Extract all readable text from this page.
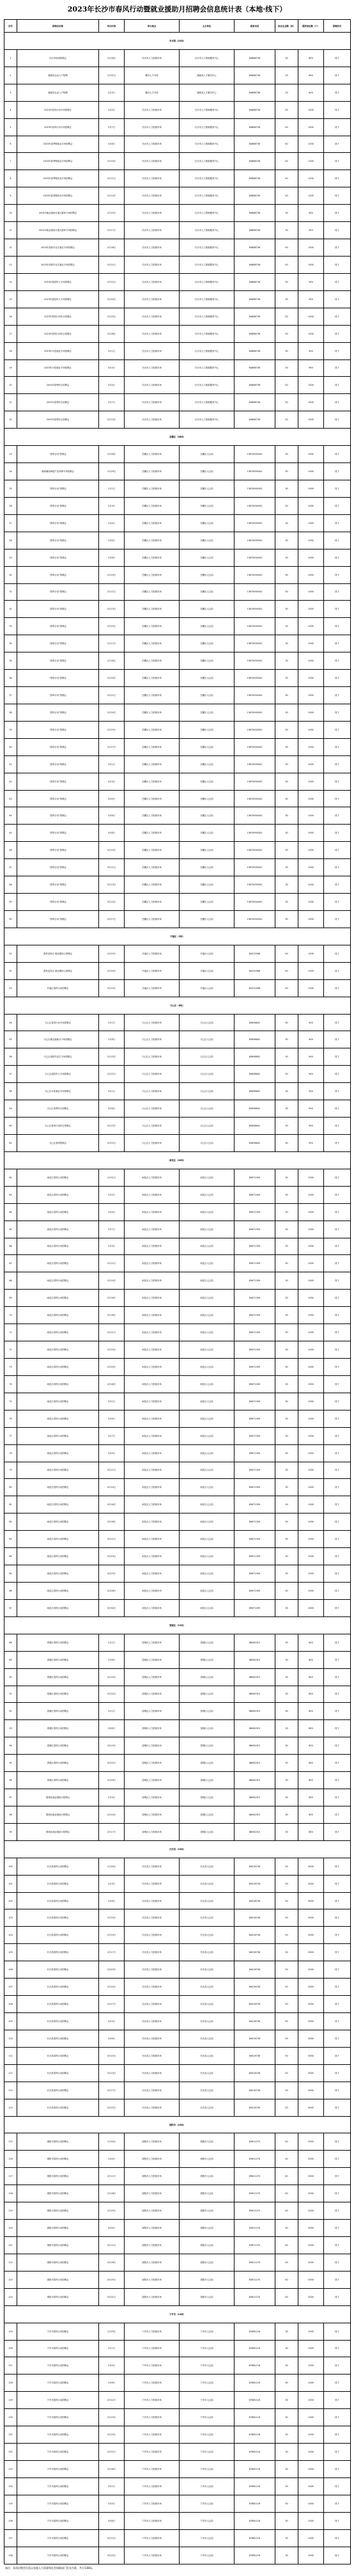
2023年长沙市春风行动暨就业援助月招聘会信息统计表（本地·线下）
序号	招聘会名称	举办时间	举办地点	主办单位	联系电话	参会企业数（家）	提供岗位数（个）	招聘形式
市本级（22场）								
1	长沙市现场招聘会	1月28日	长沙市人力资源市场	长沙市人力资源服务中心	84888736	30	800	线下
2	湖南省企业入户招聘	1月31日	麓谷人才市场	湖南省人才服务中心	84888736	20	600	线下
3	湖南省企业入户招聘	2月3日	麓谷人才市场	湖南省人才服务中心	84888736	20	600	线下
4	2023年春风行动专场招聘会	2月4日	长沙市人力资源市场	长沙市人力资源服务中心	84888736	50	1500	线下
5	2023年春风行动专场招聘会	2月7日	长沙市人力资源市场	长沙市人力资源服务中心	84888736	50	1500	线下
6	2023年春季制造业专场招聘会	2月8日	长沙市人力资源市场	长沙市人力资源服务中心	84888736	40	1200	线下
7	2023年春季制造业专场招聘会	2月10日	长沙市人力资源市场	长沙市人力资源服务中心	84888736	40	1200	线下
8	2023年春季服务业专场招聘会	2月11日	长沙市人力资源市场	长沙市人力资源服务中心	84888736	40	1200	线下
9	2023年春季服务业专场招聘会	2月14日	长沙市人力资源市场	长沙市人力资源服务中心	84888736	40	1200	线下
10	2023年就业援助月重点群体专场招聘会	2月15日	长沙市人力资源市场	长沙市人力资源服务中心	84888736	30	900	线下
11	2023年就业援助月重点群体专场招聘会	2月17日	长沙市人力资源市场	长沙市人力资源服务中心	84888736	30	900	线下
12	2023年高校毕业生就业专场招聘会	2月18日	长沙市人力资源市场	长沙市人力资源服务中心	84888736	50	1500	线下
13	2023年高校毕业生就业专场招聘会	2月21日	长沙市人力资源市场	长沙市人力资源服务中心	84888736	50	1500	线下
14	2023年退役军人专场招聘会	2月22日	长沙市人力资源市场	长沙市人力资源服务中心	84888736	30	900	线下
15	2023年退役军人专场招聘会	2月24日	长沙市人力资源市场	长沙市人力资源服务中心	84888736	30	900	线下
16	2023年春风行动综合招聘会	2月25日	长沙市人力资源市场	长沙市人力资源服务中心	84888736	50	1500	线下
17	2023年春风行动综合招聘会	2月28日	长沙市人力资源市场	长沙市人力资源服务中心	84888736	50	1500	线下
18	2023年女性就业专场招聘会	3月1日	长沙市人力资源市场	长沙市人力资源服务中心	84888736	30	900	线下
19	2023年女性就业专场招聘会	3月3日	长沙市人力资源市场	长沙市人力资源服务中心	84888736	30	900	线下
20	2023年春季综合招聘会	3月4日	长沙市人力资源市场	长沙市人力资源服务中心	84888736	50	1500	线下
21	2023年春季综合招聘会	3月7日	长沙市人力资源市场	长沙市人力资源服务中心	84888736	50	1500	线下
22	2023年春季综合招聘会	3月10日	长沙市人力资源市场	长沙市人力资源服务中心	84888736	50	1500	线下
岳麓区（28场）								
23	"春风行动"招聘会	1月28日	岳麓区人力资源市场	岳麓区人社局	13874900342	30	1000	线下
24	湘南湘西承接产业转移专场招聘会	1月29日	岳麓区人力资源市场	岳麓区人社局	13874900342	30	1000	线下
25	"春风行动"招聘会	2月1日	岳麓区人力资源市场	岳麓区人社局	13874900342	30	1000	线下
26	"春风行动"招聘会	2月3日	岳麓区人力资源市场	岳麓区人社局	13874900342	30	1000	线下
27	"春风行动"招聘会	2月4日	岳麓区人力资源市场	岳麓区人社局	13874900342	30	1000	线下
28	"春风行动"招聘会	2月6日	岳麓区人力资源市场	岳麓区人社局	13874900342	30	1000	线下
29	"春风行动"招聘会	2月8日	岳麓区人力资源市场	岳麓区人社局	13874900342	30	1000	线下
30	"春风行动"招聘会	2月10日	岳麓区人力资源市场	岳麓区人社局	13874900342	30	1000	线下
31	"春风行动"招聘会	2月11日	岳麓区人力资源市场	岳麓区人社局	13874900342	30	1000	线下
32	"春风行动"招聘会	2月13日	岳麓区人力资源市场	岳麓区人社局	13874900342	30	1000	线下
33	"春风行动"招聘会	2月15日	岳麓区人力资源市场	岳麓区人社局	13874900342	30	1000	线下
34	"春风行动"招聘会	2月17日	岳麓区人力资源市场	岳麓区人社局	13874900342	30	1000	线下
35	"春风行动"招聘会	2月18日	岳麓区人力资源市场	岳麓区人社局	13874900342	30	1000	线下
36	"春风行动"招聘会	2月20日	岳麓区人力资源市场	岳麓区人社局	13874900342	30	1000	线下
37	"春风行动"招聘会	2月22日	岳麓区人力资源市场	岳麓区人社局	13874900342	30	1000	线下
38	"春风行动"招聘会	2月24日	岳麓区人力资源市场	岳麓区人社局	13874900342	30	1000	线下
39	"春风行动"招聘会	2月25日	岳麓区人力资源市场	岳麓区人社局	13874900342	30	1000	线下
40	"春风行动"招聘会	2月27日	岳麓区人力资源市场	岳麓区人社局	13874900342	30	1000	线下
41	"春风行动"招聘会	3月1日	岳麓区人力资源市场	岳麓区人社局	13874900342	30	1000	线下
42	"春风行动"招聘会	3月3日	岳麓区人力资源市场	岳麓区人社局	13874900342	30	1000	线下
43	"春风行动"招聘会	3月4日	岳麓区人力资源市场	岳麓区人社局	13874900342	30	1000	线下
44	"春风行动"招聘会	3月6日	岳麓区人力资源市场	岳麓区人社局	13874900342	30	1000	线下
45	"春风行动"招聘会	3月8日	岳麓区人力资源市场	岳麓区人社局	13874900342	30	1000	线下
46	"春风行动"招聘会	3月10日	岳麓区人力资源市场	岳麓区人社局	13874900342	30	1000	线下
47	"春风行动"招聘会	3月11日	岳麓区人力资源市场	岳麓区人社局	13874900342	30	1000	线下
48	"春风行动"招聘会	3月13日	岳麓区人力资源市场	岳麓区人社局	13874900342	30	1000	线下
49	"春风行动"招聘会	3月15日	岳麓区人力资源市场	岳麓区人社局	13874900342	30	1000	线下
50	"春风行动"招聘会	3月17日	岳麓区人力资源市场	岳麓区人社局	13874900342	30	1000	线下
开福区（3场）								
51	春风送岗位 就业暖民心招聘会	2月10日	开福区人力资源市场	开福区人社局	84222566	40	1200	线下
52	春风送岗位 就业暖民心招聘会	2月24日	开福区人力资源市场	开福区人社局	84222566	40	1200	线下
53	开福区春风行动招聘会	3月10日	开福区人力资源市场	开福区人社局	84222566	40	1200	线下
天心区（8场）								
54	天心区春风行动专场招聘会	2月1日	天心区人力资源市场	天心区人社局	85898602	30	900	线下
55	天心区就业援助月专场招聘会	2月8日	天心区人力资源市场	天心区人社局	85898602	30	900	线下
56	天心区高校毕业生专场招聘会	2月15日	天心区人力资源市场	天心区人社局	85898602	30	900	线下
57	天心区退役军人专场招聘会	2月22日	天心区人力资源市场	天心区人社局	85898602	30	900	线下
58	天心区女性就业专场招聘会	3月1日	天心区人力资源市场	天心区人社局	85898602	30	900	线下
59	天心区春季综合招聘会	3月8日	天心区人力资源市场	天心区人社局	85898602	30	900	线下
60	天心区春风行动综合招聘会	3月15日	天心区人力资源市场	天心区人社局	85898602	30	900	线下
61	天心区春季招聘会	3月22日	天心区人力资源市场	天心区人社局	85898602	30	900	线下
雨花区（26场）								
62	雨花区春风行动招聘会	1月31日	雨花区人力资源市场	雨花区人社局	85671309	30	1000	线下
63	雨花区春风行动招聘会	2月2日	雨花区人力资源市场	雨花区人社局	85671309	30	1000	线下
64	雨花区春风行动招聘会	2月4日	雨花区人力资源市场	雨花区人社局	85671309	30	1000	线下
65	雨花区春风行动招聘会	2月7日	雨花区人力资源市场	雨花区人社局	85671309	30	1000	线下
66	雨花区春风行动招聘会	2月9日	雨花区人力资源市场	雨花区人社局	85671309	30	1000	线下
67	雨花区春风行动招聘会	2月11日	雨花区人力资源市场	雨花区人社局	85671309	30	1000	线下
68	雨花区春风行动招聘会	2月14日	雨花区人力资源市场	雨花区人社局	85671309	30	1000	线下
69	雨花区春风行动招聘会	2月16日	雨花区人力资源市场	雨花区人社局	85671309	30	1000	线下
70	雨花区春风行动招聘会	2月18日	雨花区人力资源市场	雨花区人社局	85671309	30	1000	线下
71	雨花区春风行动招聘会	2月21日	雨花区人力资源市场	雨花区人社局	85671309	30	1000	线下
72	雨花区春风行动招聘会	2月23日	雨花区人力资源市场	雨花区人社局	85671309	30	1000	线下
73	雨花区春风行动招聘会	2月25日	雨花区人力资源市场	雨花区人社局	85671309	30	1000	线下
74	雨花区春风行动招聘会	2月28日	雨花区人力资源市场	雨花区人社局	85671309	30	1000	线下
75	雨花区春风行动招聘会	3月2日	雨花区人力资源市场	雨花区人社局	85671309	30	1000	线下
76	雨花区春风行动招聘会	3月4日	雨花区人力资源市场	雨花区人社局	85671309	30	1000	线下
77	雨花区春风行动招聘会	3月7日	雨花区人力资源市场	雨花区人社局	85671309	30	1000	线下
78	雨花区春风行动招聘会	3月9日	雨花区人力资源市场	雨花区人社局	85671309	30	1000	线下
79	雨花区春风行动招聘会	3月11日	雨花区人力资源市场	雨花区人社局	85671309	30	1000	线下
80	雨花区春风行动招聘会	3月14日	雨花区人力资源市场	雨花区人社局	85671309	30	1000	线下
81	雨花区春风行动招聘会	3月16日	雨花区人力资源市场	雨花区人社局	85671309	30	1000	线下
82	雨花区春风行动招聘会	3月18日	雨花区人力资源市场	雨花区人社局	85671309	30	1000	线下
83	雨花区春风行动招聘会	3月21日	雨花区人力资源市场	雨花区人社局	85671309	30	1000	线下
84	雨花区春风行动招聘会	3月23日	雨花区人力资源市场	雨花区人社局	85671309	30	1000	线下
85	雨花区春风行动招聘会	3月25日	雨花区人力资源市场	雨花区人社局	85671309	30	1000	线下
86	雨花区春风行动招聘会	3月28日	雨花区人力资源市场	雨花区人社局	85671309	30	1000	线下
87	雨花区春风行动招聘会	3月30日	雨花区人力资源市场	雨花区人社局	85671309	30	1000	线下
望城区（12场）								
88	望城区春风行动招聘会	2月1日	望城区人力资源市场	望城区人社局	88062315	30	800	线下
89	望城区春风行动招聘会	2月8日	望城区人力资源市场	望城区人社局	88062315	30	800	线下
90	望城区春风行动招聘会	2月15日	望城区人力资源市场	望城区人社局	88062315	30	800	线下
91	望城区春风行动招聘会	2月22日	望城区人力资源市场	望城区人社局	88062315	30	800	线下
92	望城区春风行动招聘会	3月1日	望城区人力资源市场	望城区人社局	88062315	30	800	线下
93	望城区春风行动招聘会	3月8日	望城区人力资源市场	望城区人社局	88062315	30	800	线下
94	望城区春风行动招聘会	3月15日	望城区人力资源市场	望城区人社局	88062315	30	800	线下
95	望城区春风行动招聘会	3月22日	望城区人力资源市场	望城区人社局	88062315	30	800	线下
96	望城区春风行动招聘会	3月29日	望城区人力资源市场	望城区人社局	88062315	30	800	线下
97	望城区就业援助月招聘会	2月3日	望城区人力资源市场	望城区人社局	88062315	30	800	线下
98	望城区就业援助月招聘会	2月10日	望城区人力资源市场	望城区人社局	88062315	30	800	线下
99	望城区就业援助月招聘会	2月17日	望城区人力资源市场	望城区人社局	88062315	30	800	线下
长沙县（15场）								
100	长沙县春风行动招聘会	1月30日	长沙县人力资源市场	长沙县人社局	84018736	50	3000	线下
101	长沙县春风行动招聘会	2月3日	长沙县人力资源市场	长沙县人社局	84018736	50	3000	线下
102	长沙县春风行动招聘会	2月6日	长沙县人力资源市场	长沙县人社局	84018736	50	3000	线下
103	长沙县春风行动招聘会	2月10日	长沙县人力资源市场	长沙县人社局	84018736	50	3000	线下
104	长沙县春风行动招聘会	2月13日	长沙县人力资源市场	长沙县人社局	84018736	50	3000	线下
105	长沙县春风行动招聘会	2月17日	长沙县人力资源市场	长沙县人社局	84018736	50	3000	线下
106	长沙县春风行动招聘会	2月20日	长沙县人力资源市场	长沙县人社局	84018736	50	3000	线下
107	长沙县春风行动招聘会	2月24日	长沙县人力资源市场	长沙县人社局	84018736	50	3000	线下
108	长沙县春风行动招聘会	2月27日	长沙县人力资源市场	长沙县人社局	84018736	50	3000	线下
109	长沙县春风行动招聘会	3月3日	长沙县人力资源市场	长沙县人社局	84018736	50	3000	线下
110	长沙县春风行动招聘会	3月6日	长沙县人力资源市场	长沙县人社局	84018736	50	3000	线下
111	长沙县春风行动招聘会	3月10日	长沙县人力资源市场	长沙县人社局	84018736	50	3000	线下
112	长沙县春风行动招聘会	3月13日	长沙县人力资源市场	长沙县人社局	84018736	50	3000	线下
113	长沙县春风行动招聘会	3月17日	长沙县人力资源市场	长沙县人社局	84018736	50	3000	线下
114	长沙县春风行动招聘会	3月20日	长沙县人力资源市场	长沙县人社局	84018736	50	3000	线下
浏阳市（10场）								
115	浏阳市春风行动招聘会	1月30日	浏阳市人力资源市场	浏阳市人社局	83611270	40	2000	线下
116	浏阳市春风行动招聘会	2月4日	浏阳市人力资源市场	浏阳市人社局	83611270	40	2000	线下
117	浏阳市春风行动招聘会	2月11日	浏阳市人力资源市场	浏阳市人社局	83611270	40	2000	线下
118	浏阳市春风行动招聘会	2月18日	浏阳市人力资源市场	浏阳市人社局	83611270	40	2000	线下
119	浏阳市春风行动招聘会	2月25日	浏阳市人力资源市场	浏阳市人社局	83611270	40	2000	线下
120	浏阳市春风行动招聘会	3月4日	浏阳市人力资源市场	浏阳市人社局	83611270	40	2000	线下
121	浏阳市春风行动招聘会	3月11日	浏阳市人力资源市场	浏阳市人社局	83611270	40	2000	线下
122	浏阳市春风行动招聘会	3月18日	浏阳市人力资源市场	浏阳市人社局	83611270	40	2000	线下
123	浏阳市春风行动招聘会	3月25日	浏阳市人力资源市场	浏阳市人社局	83611270	40	2000	线下
124	浏阳市春风行动招聘会	3月31日	浏阳市人力资源市场	浏阳市人社局	83611270	40	2000	线下
宁乡市（14场）								
125	宁乡市春风行动招聘会	1月29日	宁乡市人力资源市场	宁乡市人社局	87881116	30	1000	线下
126	宁乡市春风行动招聘会	2月1日	宁乡市人力资源市场	宁乡市人社局	87881116	30	1000	线下
127	宁乡市春风行动招聘会	2月5日	宁乡市人力资源市场	宁乡市人社局	87881116	30	1000	线下
128	宁乡市春风行动招聘会	2月8日	宁乡市人力资源市场	宁乡市人社局	87881116	30	1000	线下
129	宁乡市春风行动招聘会	2月12日	宁乡市人力资源市场	宁乡市人社局	87881116	30	1000	线下
130	宁乡市春风行动招聘会	2月15日	宁乡市人力资源市场	宁乡市人社局	87881116	30	1000	线下
131	宁乡市春风行动招聘会	2月19日	宁乡市人力资源市场	宁乡市人社局	87881116	30	1000	线下
132	宁乡市春风行动招聘会	2月22日	宁乡市人力资源市场	宁乡市人社局	87881116	30	1000	线下
133	宁乡市春风行动招聘会	2月26日	宁乡市人力资源市场	宁乡市人社局	87881116	30	1000	线下
134	宁乡市春风行动招聘会	3月1日	宁乡市人力资源市场	宁乡市人社局	87881116	30	1000	线下
135	宁乡市春风行动招聘会	3月5日	宁乡市人力资源市场	宁乡市人社局	87881116	30	1000	线下
136	宁乡市春风行动招聘会	3月8日	宁乡市人力资源市场	宁乡市人社局	87881116	30	1000	线下
137	宁乡市春风行动招聘会	3月12日	宁乡市人力资源市场	宁乡市人社局	87881116	30	1000	线下
138	宁乡市春风行动招聘会	3月15日	宁乡市人力资源市场	宁乡市人社局	87881116	30	1000	线下
备注：具体招聘会信息以各地人力资源和社会保障部门发布为准，共计138场。
